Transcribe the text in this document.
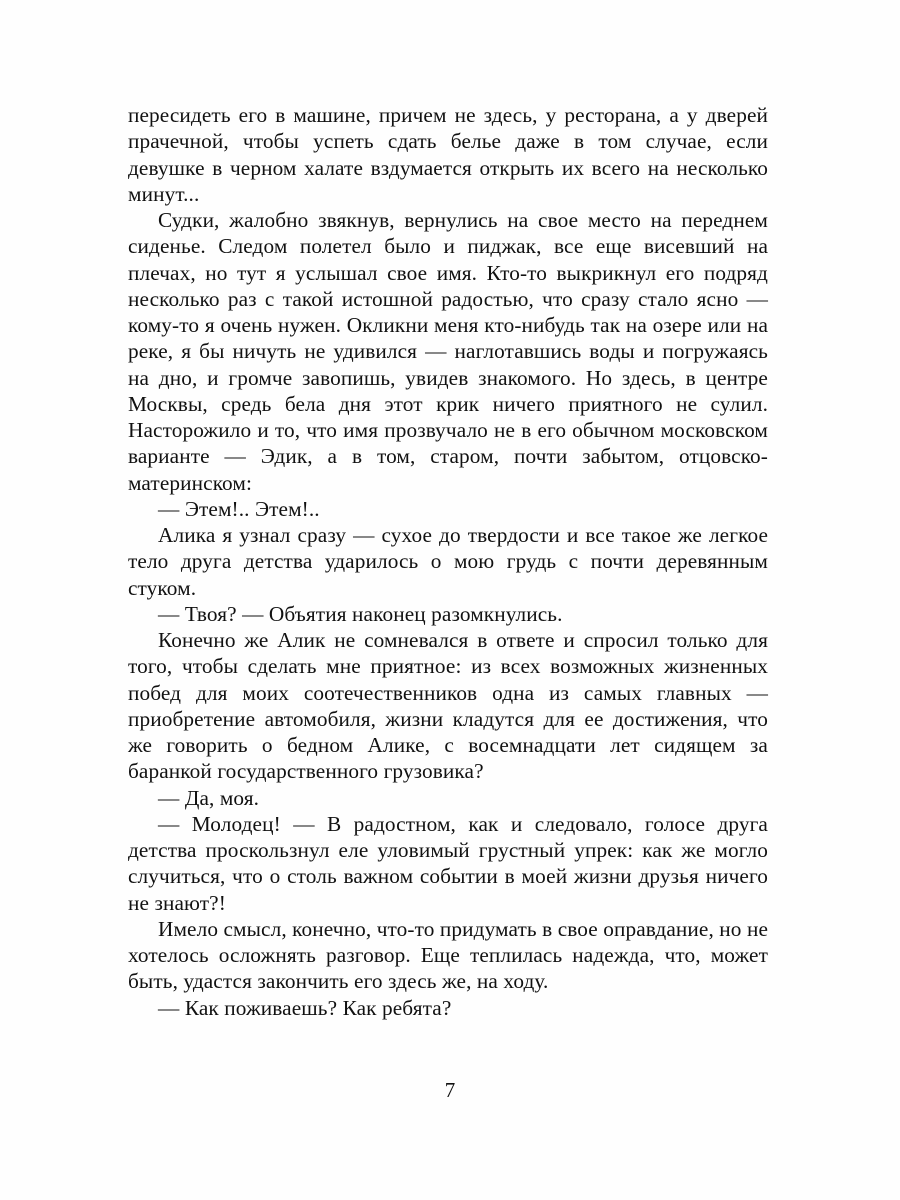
пересидеть его в машине, причем не здесь, у ресторана, а у дверей прачечной, чтобы успеть сдать белье даже в том случае, если девушке в черном халате вздумается открыть их всего на несколько минут...

Судки, жалобно звякнув, вернулись на свое место на переднем сиденье. Следом полетел было и пиджак, все еще висевший на плечах, но тут я услышал свое имя. Кто-то выкрикнул его подряд несколько раз с такой истошной радостью, что сразу стало ясно — кому-то я очень нужен. Окликни меня кто-нибудь так на озере или на реке, я бы ничуть не удивился — наглотавшись воды и погружаясь на дно, и громче завопишь, увидев знакомого. Но здесь, в центре Москвы, средь бела дня этот крик ничего приятного не сулил. Насторожило и то, что имя прозвучало не в его обычном московском варианте — Эдик, а в том, старом, почти забытом, отцовско-материнском:

— Этем!.. Этем!..

Алика я узнал сразу — сухое до твердости и все такое же легкое тело друга детства ударилось о мою грудь с почти деревянным стуком.

— Твоя? — Объятия наконец разомкнулись.

Конечно же Алик не сомневался в ответе и спросил только для того, чтобы сделать мне приятное: из всех возможных жизненных побед для моих соотечественников одна из самых главных — приобретение автомобиля, жизни кладутся для ее достижения, что же говорить о бедном Алике, с восемнадцати лет сидящем за баранкой государственного грузовика?

— Да, моя.

— Молодец! — В радостном, как и следовало, голосе друга детства проскользнул еле уловимый грустный упрек: как же могло случиться, что о столь важном событии в моей жизни друзья ничего не знают?!

Имело смысл, конечно, что-то придумать в свое оправдание, но не хотелось осложнять разговор. Еще теплилась надежда, что, может быть, удастся закончить его здесь же, на ходу.

— Как поживаешь? Как ребята?

7
